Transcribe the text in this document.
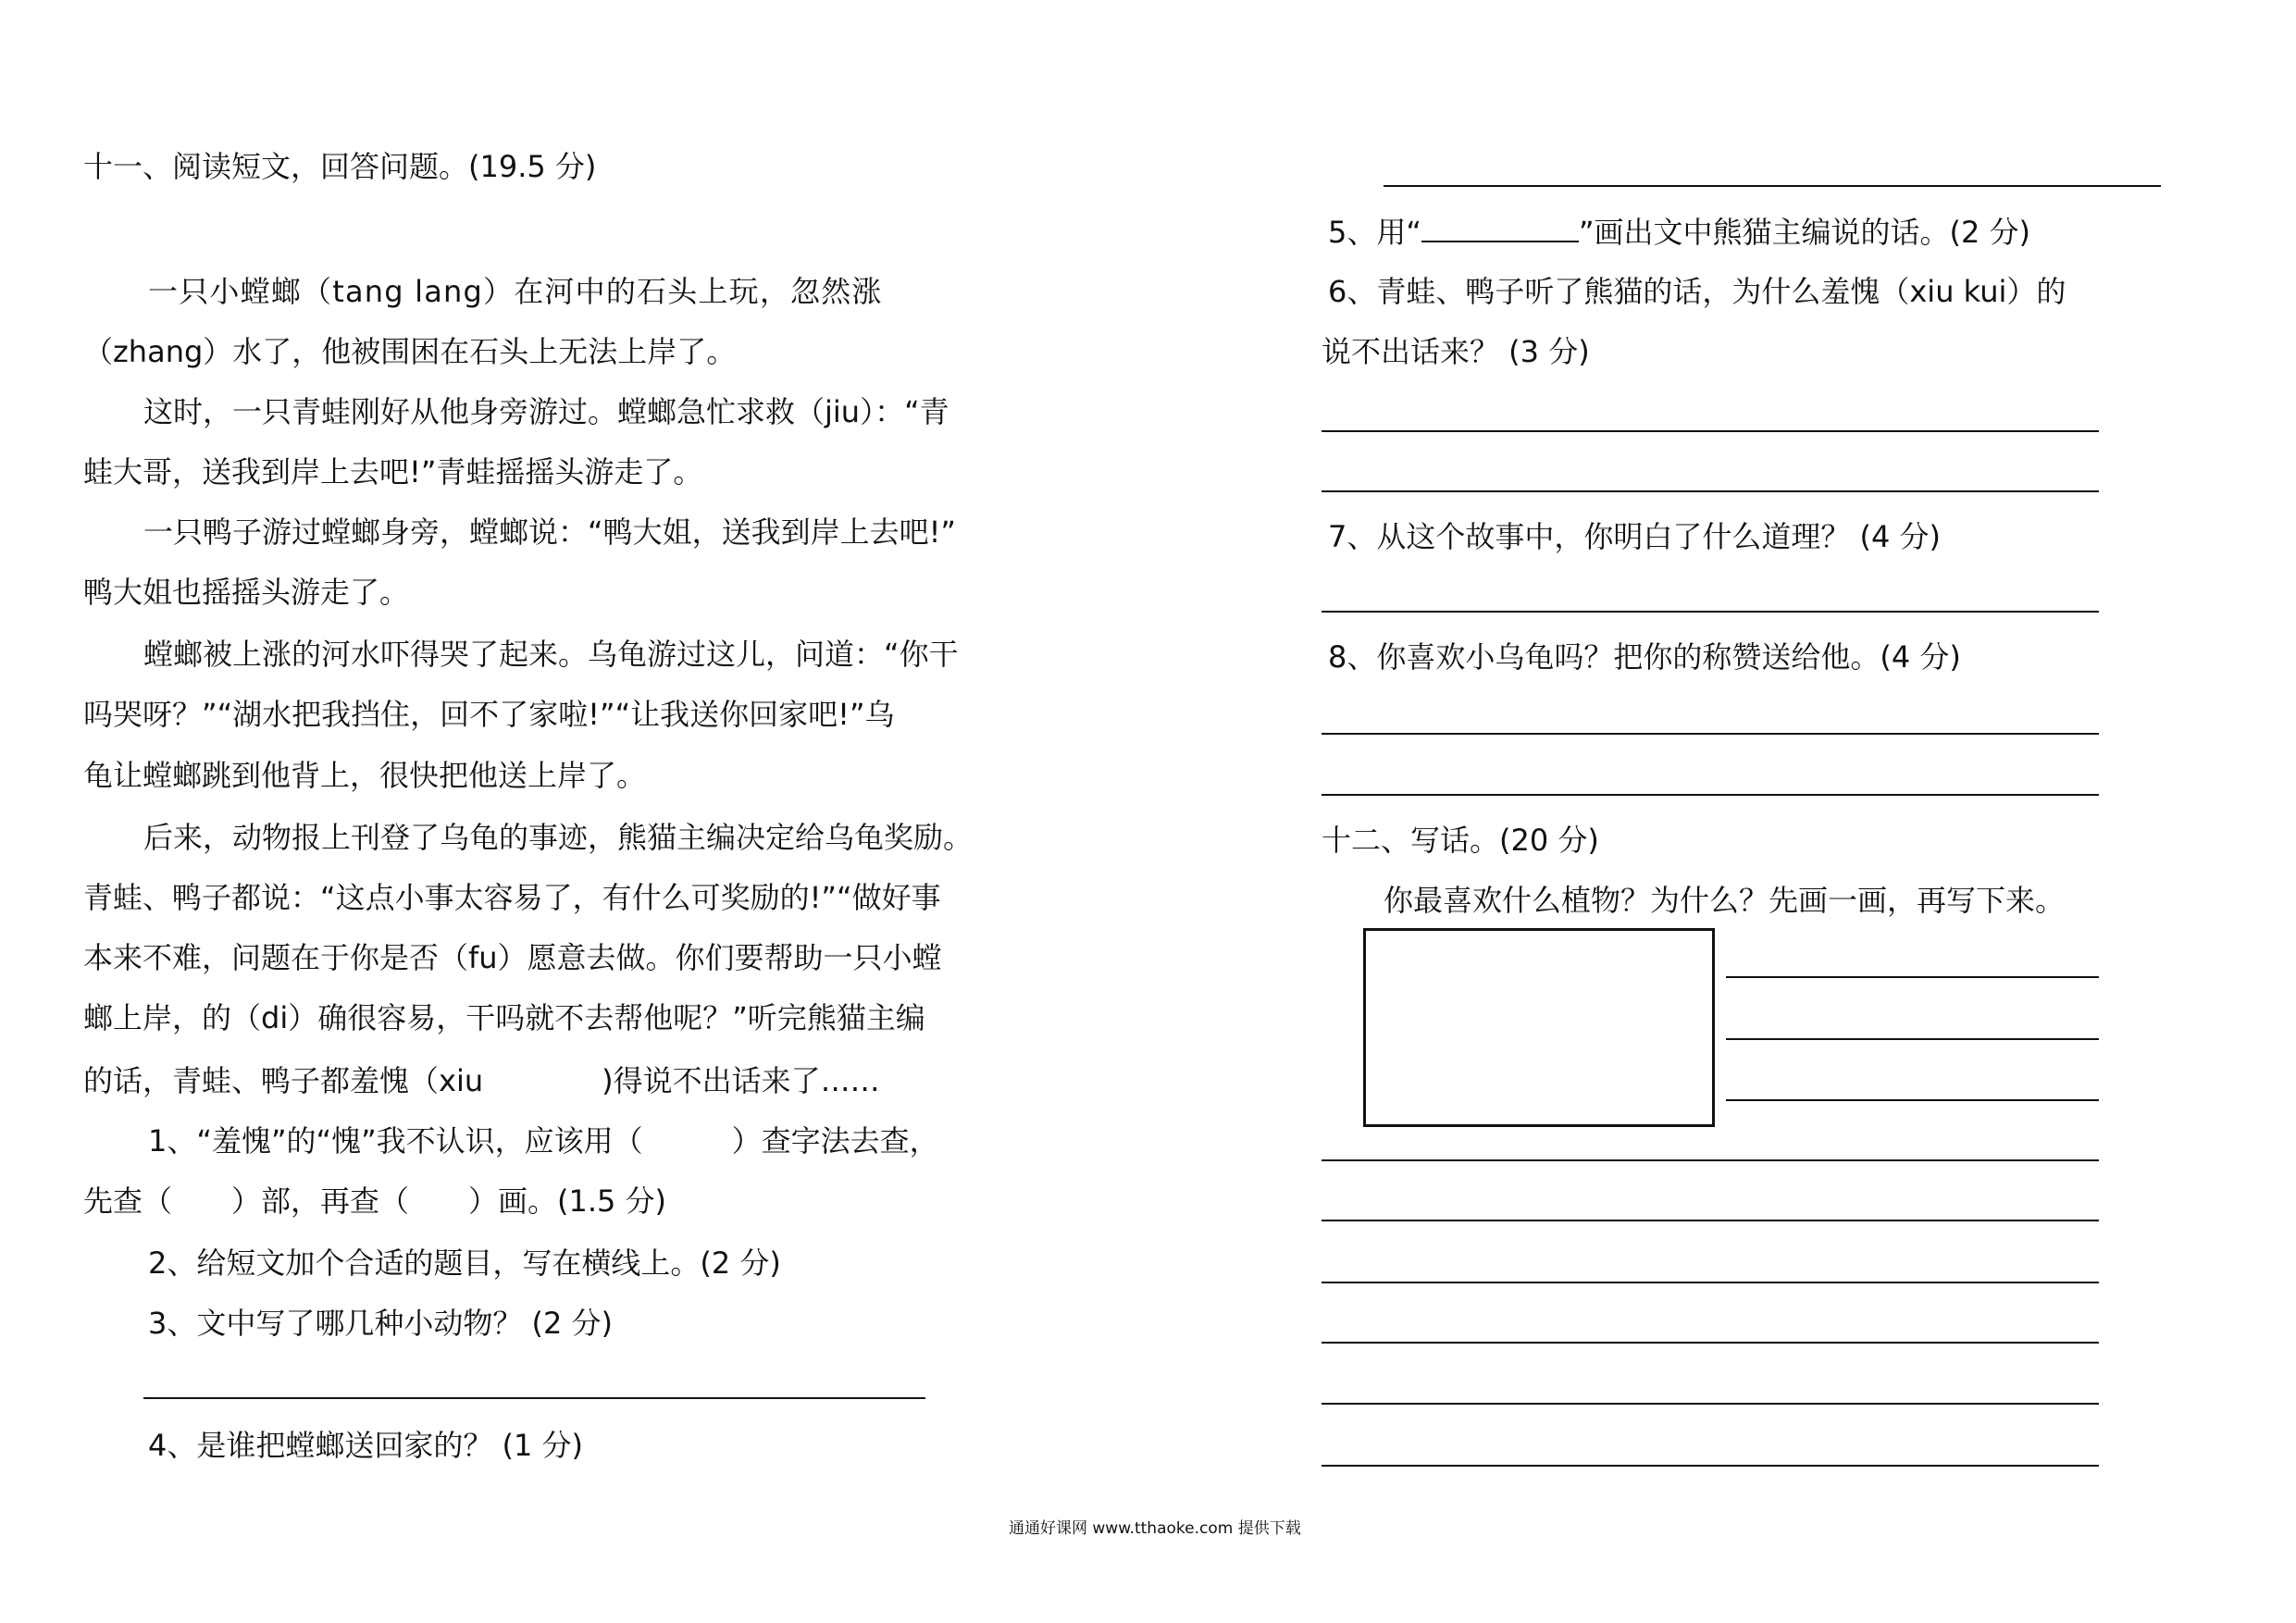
十一、阅读短文，回答问题。(19.5 分)
一只小螳螂（tang lang）在河中的石头上玩，忽然涨
（zhang）水了，他被围困在石头上无法上岸了。
这时，一只青蛙刚好从他身旁游过。螳螂急忙求救（jiu）：“青
蛙大哥，送我到岸上去吧!”青蛙摇摇头游走了。
一只鸭子游过螳螂身旁，螳螂说：“鸭大姐，送我到岸上去吧!”
鸭大姐也摇摇头游走了。
螳螂被上涨的河水吓得哭了起来。乌龟游过这儿，问道：“你干
吗哭呀？”“湖水把我挡住，回不了家啦!”“让我送你回家吧!”乌
龟让螳螂跳到他背上，很快把他送上岸了。
后来，动物报上刊登了乌龟的事迹，熊猫主编决定给乌龟奖励。
青蛙、鸭子都说：“这点小事太容易了，有什么可奖励的!”“做好事
本来不难，问题在于你是否（fu）愿意去做。你们要帮助一只小螳
螂上岸，的（di）确很容易，干吗就不去帮他呢？”听完熊猫主编
的话，青蛙、鸭子都羞愧（xiu　　　　)得说不出话来了……
1、“羞愧”的“愧”我不认识，应该用（　　　）查字法去查，
先查（　　）部，再查（　　）画。(1.5 分)
2、给短文加个合适的题目，写在横线上。(2 分)
3、文中写了哪几种小动物？ (2 分)
4、是谁把螳螂送回家的？ (1 分)
5、用“	”画出文中熊猫主编说的话。(2 分)
6、青蛙、鸭子听了熊猫的话，为什么羞愧（xiu kui）的
说不出话来？ (3 分)
7、从这个故事中，你明白了什么道理？ (4 分)
8、你喜欢小乌龟吗？把你的称赞送给他。(4 分)
十二、写话。(20 分)
你最喜欢什么植物？为什么？先画一画，再写下来。
通通好课网 www.tthaoke.com 提供下载
